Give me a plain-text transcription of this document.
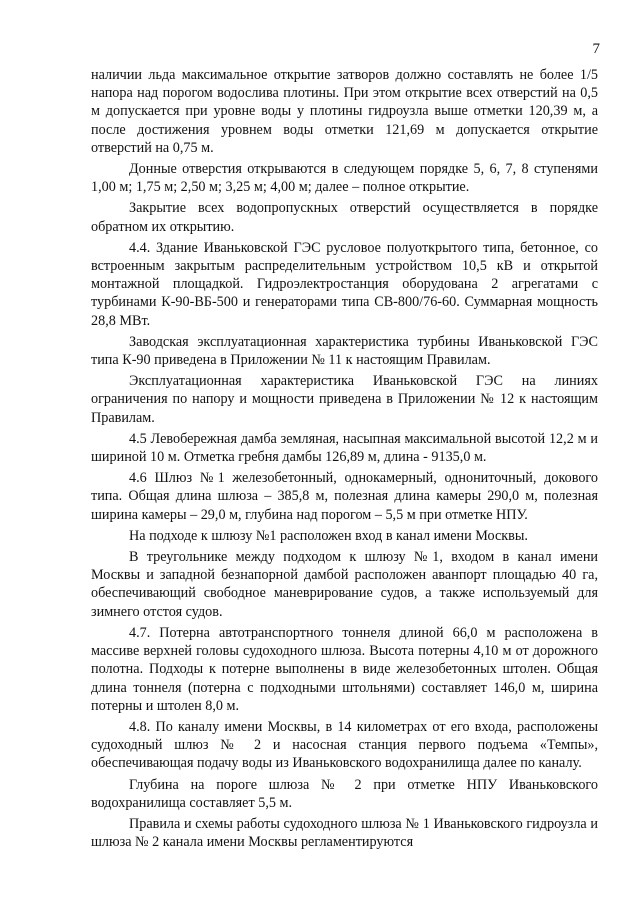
7

наличии льда максимальное открытие затворов должно составлять не более 1/5 напора над порогом водослива плотины. При этом открытие всех отверстий на 0,5 м допускается при уровне воды у плотины гидроузла выше отметки 120,39 м, а после достижения уровнем воды отметки 121,69 м допускается открытие отверстий на 0,75 м.

Донные отверстия открываются в следующем порядке 5, 6, 7, 8 ступенями 1,00 м; 1,75 м; 2,50 м; 3,25 м; 4,00 м; далее – полное открытие.

Закрытие всех водопропускных отверстий осуществляется в порядке обратном их открытию.

4.4. Здание Иваньковской ГЭС русловое полуоткрытого типа, бетонное, со встроенным закрытым распределительным устройством 10,5 кВ и открытой монтажной площадкой. Гидроэлектростанция оборудована 2 агрегатами с турбинами К-90-ВБ-500 и генераторами типа СВ-800/76-60. Суммарная мощность 28,8 МВт.

Заводская эксплуатационная характеристика турбины Иваньковской ГЭС типа К-90 приведена в Приложении № 11 к настоящим Правилам.

Эксплуатационная характеристика Иваньковской ГЭС на линиях ограничения по напору и мощности приведена в Приложении № 12 к настоящим Правилам.

4.5 Левобережная дамба земляная, насыпная максимальной высотой 12,2 м и шириной 10 м. Отметка гребня дамбы 126,89 м, длина - 9135,0 м.

4.6 Шлюз №1 железобетонный, однокамерный, однониточный, докового типа. Общая длина шлюза – 385,8 м, полезная длина камеры 290,0 м, полезная ширина камеры – 29,0 м, глубина над порогом – 5,5 м при отметке НПУ.

На подходе к шлюзу №1 расположен вход в канал имени Москвы.

В треугольнике между подходом к шлюзу №1, входом в канал имени Москвы и западной безнапорной дамбой расположен аванпорт площадью 40 га, обеспечивающий свободное маневрирование судов, а также используемый для зимнего отстоя судов.

4.7. Потерна автотранспортного тоннеля длиной 66,0 м расположена в массиве верхней головы судоходного шлюза. Высота потерны 4,10 м от дорожного полотна. Подходы к потерне выполнены в виде железобетонных штолен. Общая длина тоннеля (потерна с подходными штольнями) составляет 146,0 м, ширина потерны и штолен 8,0 м.

4.8. По каналу имени Москвы, в 14 километрах от его входа, расположены судоходный шлюз № 2 и насосная станция первого подъема «Темпы», обеспечивающая подачу воды из Иваньковского водохранилища далее по каналу.

Глубина на пороге шлюза № 2 при отметке НПУ Иваньковского водохранилища составляет 5,5 м.

Правила и схемы работы судоходного шлюза № 1 Иваньковского гидроузла и шлюза № 2 канала имени Москвы регламентируются
